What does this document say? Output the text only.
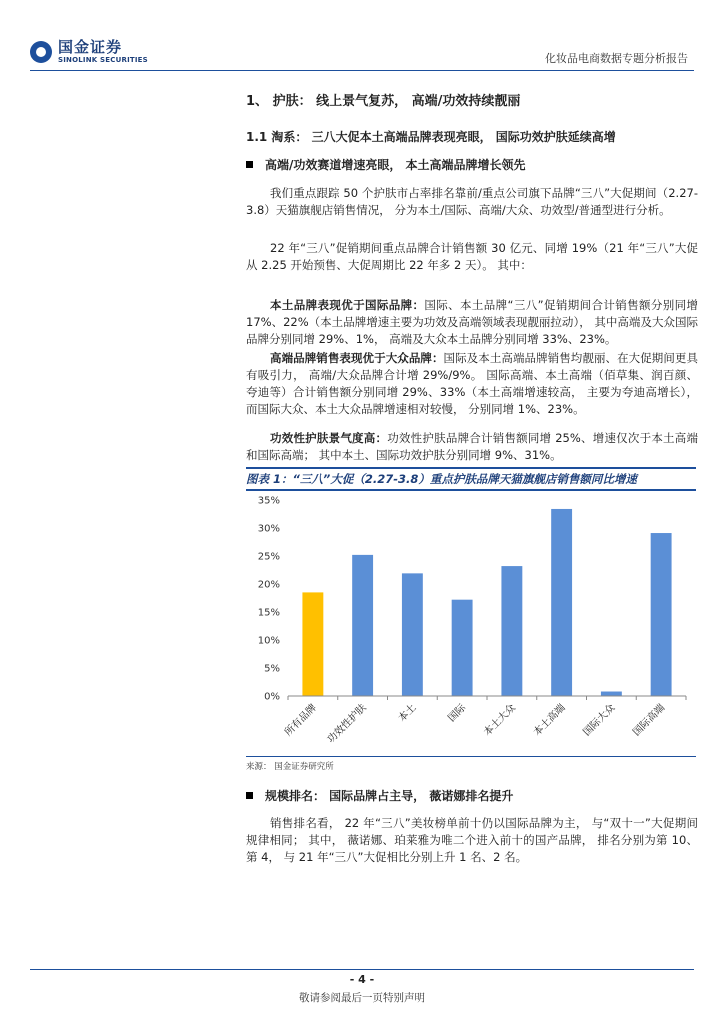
国金证券
SINOLINK SECURITIES	化妆品电商数据专题分析报告
1、 护肤： 线上景气复苏， 高端/功效持续靓丽
1.1 淘系： 三八大促本土高端品牌表现亮眼， 国际功效护肤延续高增
高端/功效赛道增速亮眼， 本土高端品牌增长领先

我们重点跟踪 50 个护肤市占率排名靠前/重点公司旗下品牌“三八”大促期间（2.27-3.8）天猫旗舰店销售情况， 分为本土/国际、高端/大众、功效型/普通型进行分析。

22 年“三八”促销期间重点品牌合计销售额 30 亿元、同增 19%（21 年“三八”大促从 2.25 开始预售、大促周期比 22 年多 2 天）。 其中：

本土品牌表现优于国际品牌：国际、本土品牌“三八”促销期间合计销售额分别同增 17%、22%（本土品牌增速主要为功效及高端领域表现靓丽拉动）， 其中高端及大众国际品牌分别同增 29%、1%， 高端及大众本土品牌分别同增 33%、23%。

高端品牌销售表现优于大众品牌：国际及本土高端品牌销售均靓丽、在大促期间更具有吸引力， 高端/大众品牌合计增 29%/9%。 国际高端、本土高端（佰草集、润百颜、夸迪等）合计销售额分别同增 29%、33%（本土高端增速较高， 主要为夸迪高增长）， 而国际大众、本土大众品牌增速相对较慢， 分别同增 1%、23%。

功效性护肤景气度高：功效性护肤品牌合计销售额同增 25%、增速仅次于本土高端和国际高端； 其中本土、国际功效护肤分别同增 9%、31%。

规模排名： 国际品牌占主导， 薇诺娜排名提升

销售排名看， 22 年“三八”美妆榜单前十仍以国际品牌为主， 与“双十一”大促期间规律相同； 其中， 薇诺娜、珀莱雅为唯二个进入前十的国产品牌， 排名分别为第 10、第 4， 与 21 年“三八”大促相比分别上升 1 名、2 名。

图表 1：“三八”大促（2.27-3.8）重点护肤品牌天猫旗舰店销售额同比增速
0%
5%
10%
15%
20%
25%
30%
35%
所有品牌 功效性护肤	本土	国际 本土大众 本土高端 国际大众 国际高端
来源： 国金证券研究所
- 4 -
敬请参阅最后一页特别声明
